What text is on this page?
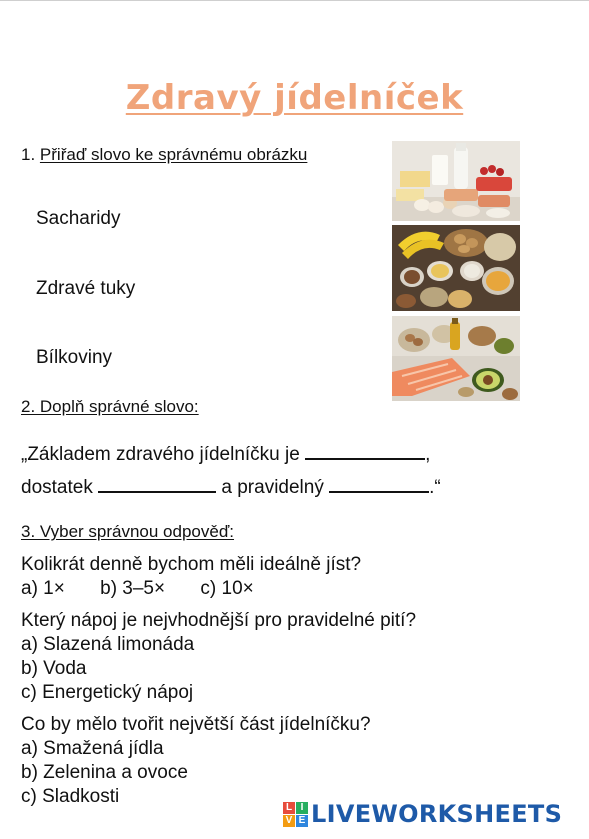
Zdravý jídelníček
1. Přiřaď slovo ke správnému obrázku
Sacharidy
Zdravé tuky
Bílkoviny
2. Doplň správné slovo:
„Základem zdravého jídelníčku je	,
dostatek	a pravidelný	.“
3. Vyber správnou odpověď:
Kolikrát denně bychom měli ideálně jíst?
a) 1× b) 3–5× c) 10×
Který nápoj je nejvhodnější pro pravidelné pití?
a) Slazená limonáda
b) Voda
c) Energetický nápoj
Co by mělo tvořit největší část jídelníčku?
a) Smažená jídla
b) Zelenina a ovoce
c) Sladkosti
L I
V E LIVEWORKSHEETS
